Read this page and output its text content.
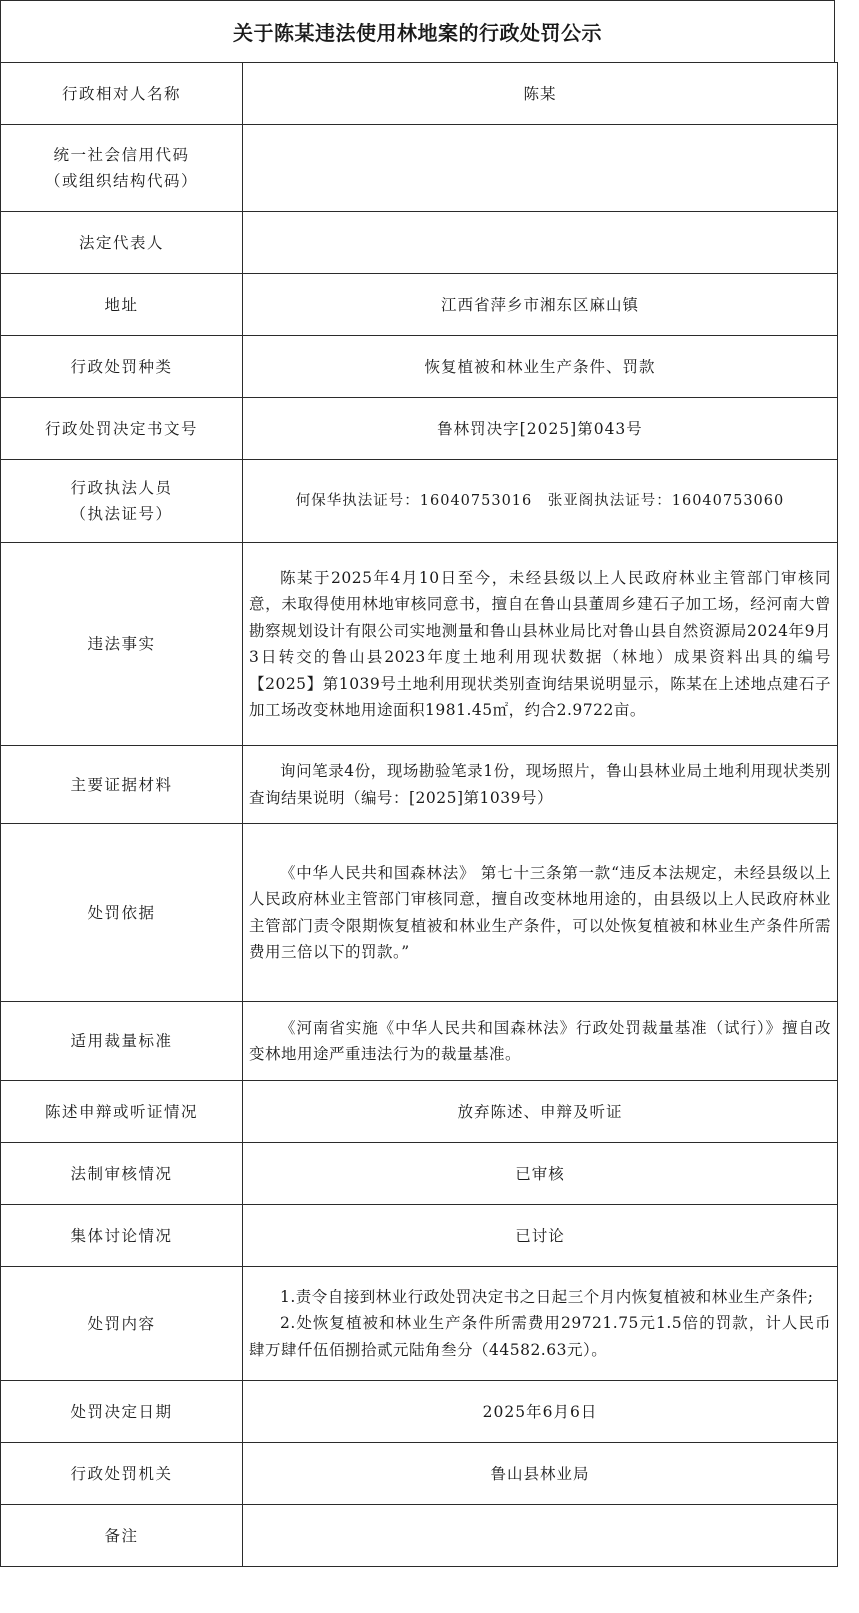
关于陈某违法使用林地案的行政处罚公示
行政相对人名称	陈某

统一社会信用代码
（或组织结构代码）	

法定代表人	
地址	江西省萍乡市湘东区麻山镇
行政处罚种类	恢复植被和林业生产条件、罚款
行政处罚决定书文号	鲁林罚决字[2025]第043号

行政执法人员
（执法证号）	何保华执法证号：16040753016　张亚阁执法证号：16040753060
违法事实	陈某于2025年4月10日至今，未经县级以上人民政府林业主管部门审核同意，未取得使用林地审核同意书，擅自在鲁山县董周乡建石子加工场，经河南大曾勘察规划设计有限公司实地测量和鲁山县林业局比对鲁山县自然资源局2024年9月3日转交的鲁山县2023年度土地利用现状数据（林地）成果资料出具的编号【2025】第1039号土地利用现状类别查询结果说明显示，陈某在上述地点建石子加工场改变林地用途面积1981.45㎡，约合2.9722亩。
主要证据材料	询问笔录4份，现场勘验笔录1份，现场照片，鲁山县林业局土地利用现状类别查询结果说明（编号：[2025]第1039号）
处罚依据	《中华人民共和国森林法》 第七十三条第一款“违反本法规定，未经县级以上人民政府林业主管部门审核同意，擅自改变林地用途的，由县级以上人民政府林业主管部门责令限期恢复植被和林业生产条件，可以处恢复植被和林业生产条件所需费用三倍以下的罚款。”
适用裁量标准	《河南省实施《中华人民共和国森林法》行政处罚裁量基准（试行）》擅自改变林地用途严重违法行为的裁量基准。
陈述申辩或听证情况	放弃陈述、申辩及听证
法制审核情况	已审核
集体讨论情况	已讨论
处罚内容	1.责令自接到林业行政处罚决定书之日起三个月内恢复植被和林业生产条件;

2.处恢复植被和林业生产条件所需费用29721.75元1.5倍的罚款，计人民币肆万肆仟伍佰捌拾贰元陆角叁分（44582.63元）。

处罚决定日期	2025年6月6日
行政处罚机关	鲁山县林业局
备注	
